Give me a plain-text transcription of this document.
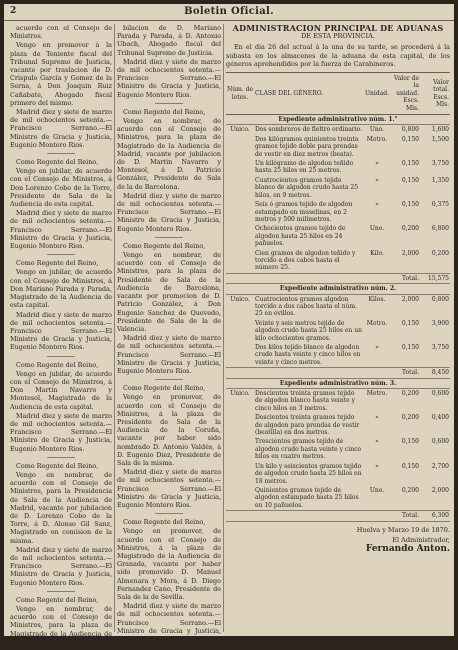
2	Boletin Oficial.

acuerdo con el Consejo de Ministros.

Vengo en promover á la plaza de Teniente fiscal del Tribunal Supremo de Justicia, vacante por traslacion de D. Crispulo García y Gomez de la Serna, á Don Joaquin Ruiz Cañabate, Abogado fiscal primero del mismo.

Madrid diez y siete de marzo de mil ochocientos setenta.—Francisco Serrano.—El Ministro de Gracia y Justicia, Eugenio Montero Rios.

Como Regente del Reino,

Vengo en jubilar, de acuerdo con el Consejo de Ministros, á Don Lorenzo Cobo de la Torre, Presidente de Sala de la Audiencia de esta capital.

Madrid diez y siete de marzo de mil ochocientos setenta.—Francisco Serrano.—El Ministro de Gracia y Justicia, Eugenio Montero Rios.

Como Regente del Reino,

Vengo en jubilar, de acuerdo con el Consejo de Ministros, á Don Mariano Parada y Parada, Magistrado de la Audiencia de esta capital.

Madrid diez y siete de marzo de mil ochocientos setenta.—Francisco Serrano.—El Ministro de Gracia y Justicia, Eugenio Montero Rios.

Como Regente del Reino,

Vengo en jubilar, de acuerdo con el Consejo de Ministros, á Don Martin Navarro y Montesol, Magistrado de la Audiencia de esta capital.

Madrid diez y siete de marzo de mil ochocientos setenta.—Francisco Serrano.—El Ministro de Gracia y Justicia, Eugenio Montero Rios.

Como Regente del Reino,

Vengo en nombrar, de acuerdo con el Consejo de Ministros, para la Presidencia de Sala de la Audiencia de Madrid, vacante por jubilacion de D. Lorenzo Cobo de la Torre, á D. Alonso Gil Sanz, Magistrado en comision de la misma.

Madrid diez y siete de marzo de mil ochocientos setenta.—Francisco Serrano.—El Ministro de Gracia y Justicia, Eugenio Montero Rios.

Como Regente del Reino,

Vengo en nombrar, de acuerdo con el Consejo de Ministros, para la plaza de Magistrado de la Audiencia de Madrid, vacante por ju-

bilacion de D. Mariano Parada y Parada, á D. Antonio Ubach, Abogado fiscal del Tribunal Supremo de Justicia.

Madrid diez y siete de marzo de mil ochocientos setenta.—Francisco Serrano.—El Ministro de Gracia y Justicia, Eugenio Montero Rios.

Como Regente del Reino,

Vengo en nombrar, de acuerdo con el Consejo de Ministros, para la plaza de Magistrado de la Audiencia de Madrid, vacante por jubilacion de D. Martin Navarro y Montesol, á D. Patricio González, Presidente de Sala de la de Barcelona.

Madrid diez y siete de marzo de mil ochocientos setenta.—Francisco Serrano.—El Ministro de Gracia y Justicia, Eugenio Montero Rios.

Como Regente del Reino,

Vengo en nombrar, de acuerdo con el Consejo de Ministros, para la plaza de Presidente de Sala de la Audiencia de Barcelona, vacante por promocion de D. Patricio González, á Don Eugenio Sanchez de Quevedo, Presidente de Sala de la de Valencia.

Madrid diez y siete de marzo de mil ochocientos setenta.—Francisco Serrano.—El Ministro de Gracia y Justicia, Eugenio Montero Rios.

Como Regente del Reino,

Vengo en promover, de acuerdo con el Consejo de Ministros, á la plaza de Presidente de Sala de la Audiencia de la Coruña, vacante por haber sido nombrado D. Antonio Valdés, á D. Eugenio Diez, Presidente de Sala de la misma.

Madrid diez y siete de marzo de mil ochocientos setenta.—Francisco Serrano.—El Ministro de Gracia y Justicia, Eugenio Montero Rios.

Como Regente del Reino,

Vengo en promover, de acuerdo con el Consejo de Ministros, á la plaza de Magistrado de la Audiencia de Granada, vacante por haber sido promovido D. Manuel Almenara y Mora, á D. Diego Fernandez Cano, Presidente de Sala de la de Sevilla.

Madrid diez y siete de marzo de mil ochocientos setenta.—Francisco Serrano.—El Ministro de Gracia y Justicia, Eugenio Montero Rios.

ADMINISTRACION PRINCIPAL DE ADUANAS

DE ESTA PROVINCIA.

En el dia 26 del actual á la una de su tarde, se procederá á la subasta en los almacenes de la aduana de esta capital, de los géneros aprehendidos por la fuerza de Carabineros.

Núm. de lotes.	CLASE DEL GÉNERO.	Unidad.	Valor de la unidad. Escs. Mls.	Valor total. Escs. Mls.
Expediente administrativo núm. 1.°				
Unico.	Dos sombreros de fieltro ordinario.	Uno.	0,800	1,600
	Dos kilógramos quinientos treinta gramos tejido doble para prendas de vestir en diez metros (beata).	Metro.	0,150	1,500
	Un kilógramo de algodon teñido hasta 25 hilos en 25 metros.	»	0,150	3,750
	Cuatrocientos gramos tejido blanco de algodon crudo hasta 25 hilos, en 9 metros.	»	0,150	1,350
	Seis ó gramos tejido de algodon estampado en muselinas, en 2 metros y 500 milímetros.	»	0,150	0,375
	Ochocientos gramos tejido de algodon hasta 25 hilos en 24 pañuelos.	Uno.	0,200	6,800
	Cien gramos de algodon teñido y torcido a dos cabos hasta el número 25.	Kilo.	2,000	0,200
Total.				15,575
Expediente administrativo núm. 2.				
Unico.	Cuatrocientos gramos algodon torcido a dos cabos hasta el núm. 25 en ovillos.	Kilos.	2,000	0,800
	Veinte y seis metros tejido de algodon crudo hasta 25 hilos en un kilo ochocientos gramos.	Metro.	0,150	3,900
	Dos kilos tejido blanco de algodon crudo hasta veinte y cinco hilos en veinte y cinco metros.	»	0,150	3,750
Total.				8,450
Expediente administrativo núm. 3.				
Unico.	Doscientos treinta gramos tejido de algodon blanco hasta veinte y cinco hilos en 3 metros.	Metro.	0,200	0,600
	Doscientos treinta gramos tejido de algodon para prendas de vestir (beatilla) en dos metros.	»	0,200	0,400
	Trescientos gramos tejido de algodon crudo hasta veinte y cinco hilos en cuatro metros.	»	0,150	0,600
	Un kilo y seiscientos gramos tejido de algodon crudo hasta 25 hilos en 18 metros.	»	0,150	2,700
	Quinientos gramos tejido de algodon estampado hasta 25 hilos en 10 pañuelos.	Uno.	0,200	2,000
Total.				6,300

Huelva y Marzo 19 de 1870.

El Administrador,

Fernando Anton.
